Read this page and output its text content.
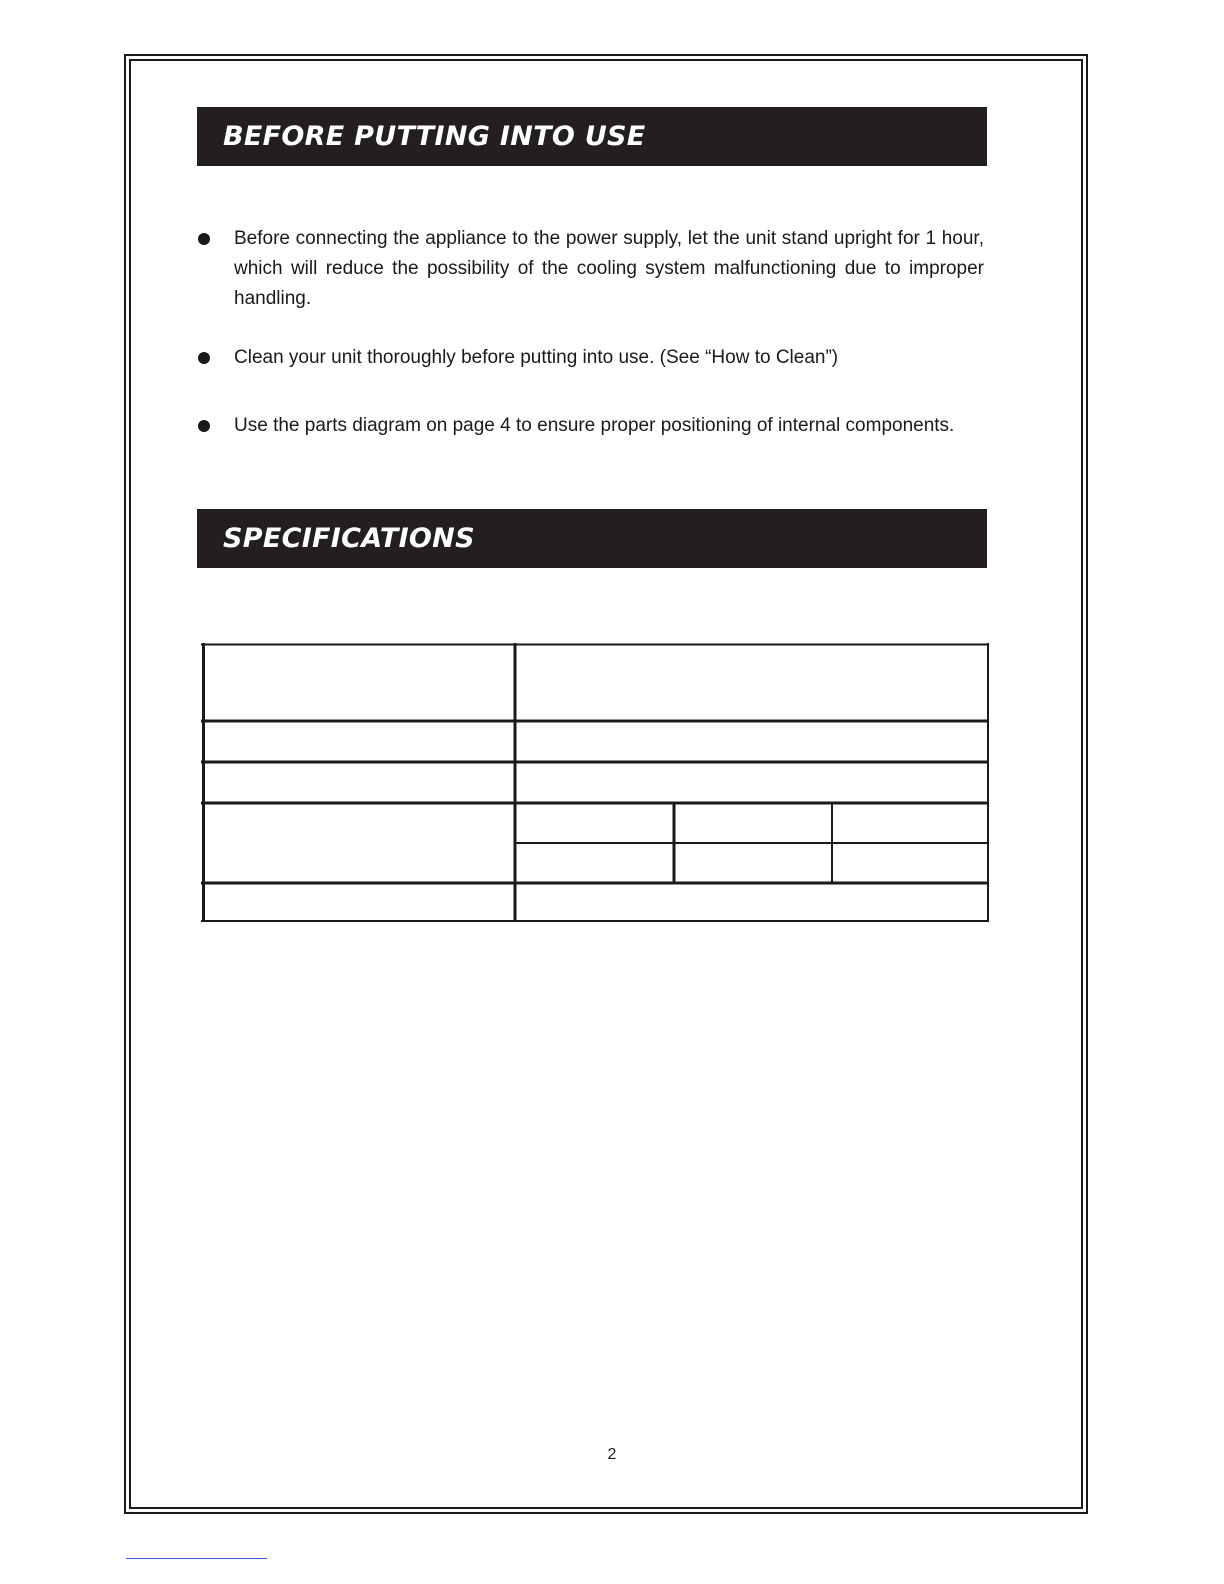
BEFORE PUTTING INTO USE

Before connecting the appliance to the power supply, let the unit stand upright for 1 hour, which will reduce the possibility of the cooling system malfunctioning due to improper handling.

Clean your unit thoroughly before putting into use. (See “How to Clean”)

Use the parts diagram on page 4 to ensure proper positioning of internal components.

SPECIFICATIONS
2
